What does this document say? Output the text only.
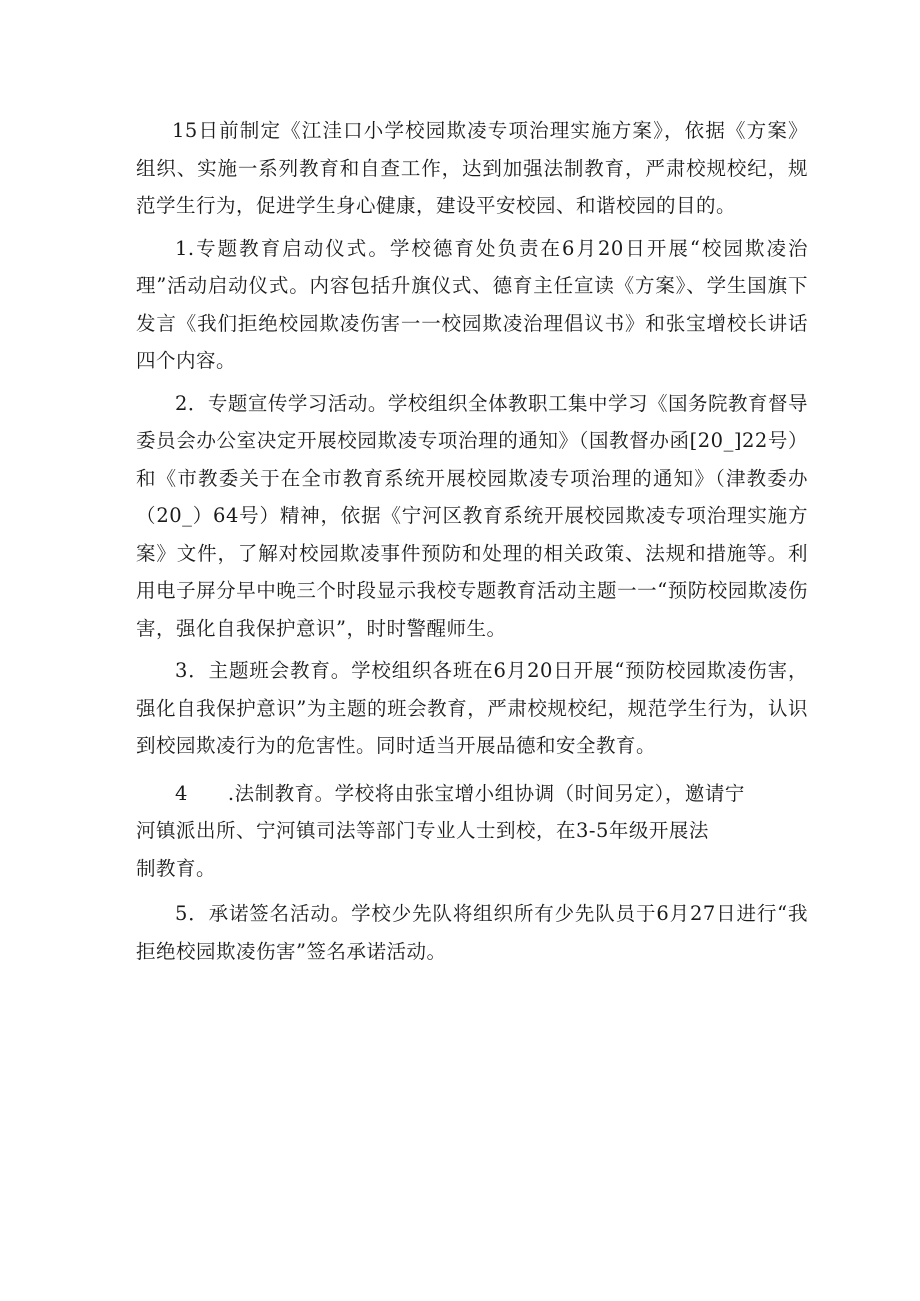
15日前制定《江洼口小学校园欺凌专项治理实施方案》，依据《方案》组织、实施一系列教育和自查工作，达到加强法制教育，严肃校规校纪，规范学生行为，促进学生身心健康，建设平安校园、和谐校园的目的。

1.专题教育启动仪式。学校德育处负责在6月20日开展“校园欺凌治理”活动启动仪式。内容包括升旗仪式、德育主任宣读《方案》、学生国旗下发言《我们拒绝校园欺凌伤害一一校园欺凌治理倡议书》和张宝增校长讲话四个内容。

2．专题宣传学习活动。学校组织全体教职工集中学习《国务院教育督导委员会办公室决定开展校园欺凌专项治理的通知》（国教督办函[20_]22号）和《市教委关于在全市教育系统开展校园欺凌专项治理的通知》（津教委办（20_）64号）精神，依据《宁河区教育系统开展校园欺凌专项治理实施方案》文件，了解对校园欺凌事件预防和处理的相关政策、法规和措施等。利用电子屏分早中晚三个时段显示我校专题教育活动主题一一“预防校园欺凌伤害，强化自我保护意识”，时时警醒师生。

3．主题班会教育。学校组织各班在6月20日开展“预防校园欺凌伤害，强化自我保护意识”为主题的班会教育，严肃校规校纪，规范学生行为，认识到校园欺凌行为的危害性。同时适当开展品德和安全教育。

4　　.法制教育。学校将由张宝增小组协调（时间另定），邀请宁
河镇派出所、宁河镇司法等部门专业人士到校，在3-5年级开展法
制教育。

5．承诺签名活动。学校少先队将组织所有少先队员于6月27日进行“我拒绝校园欺凌伤害”签名承诺活动。
